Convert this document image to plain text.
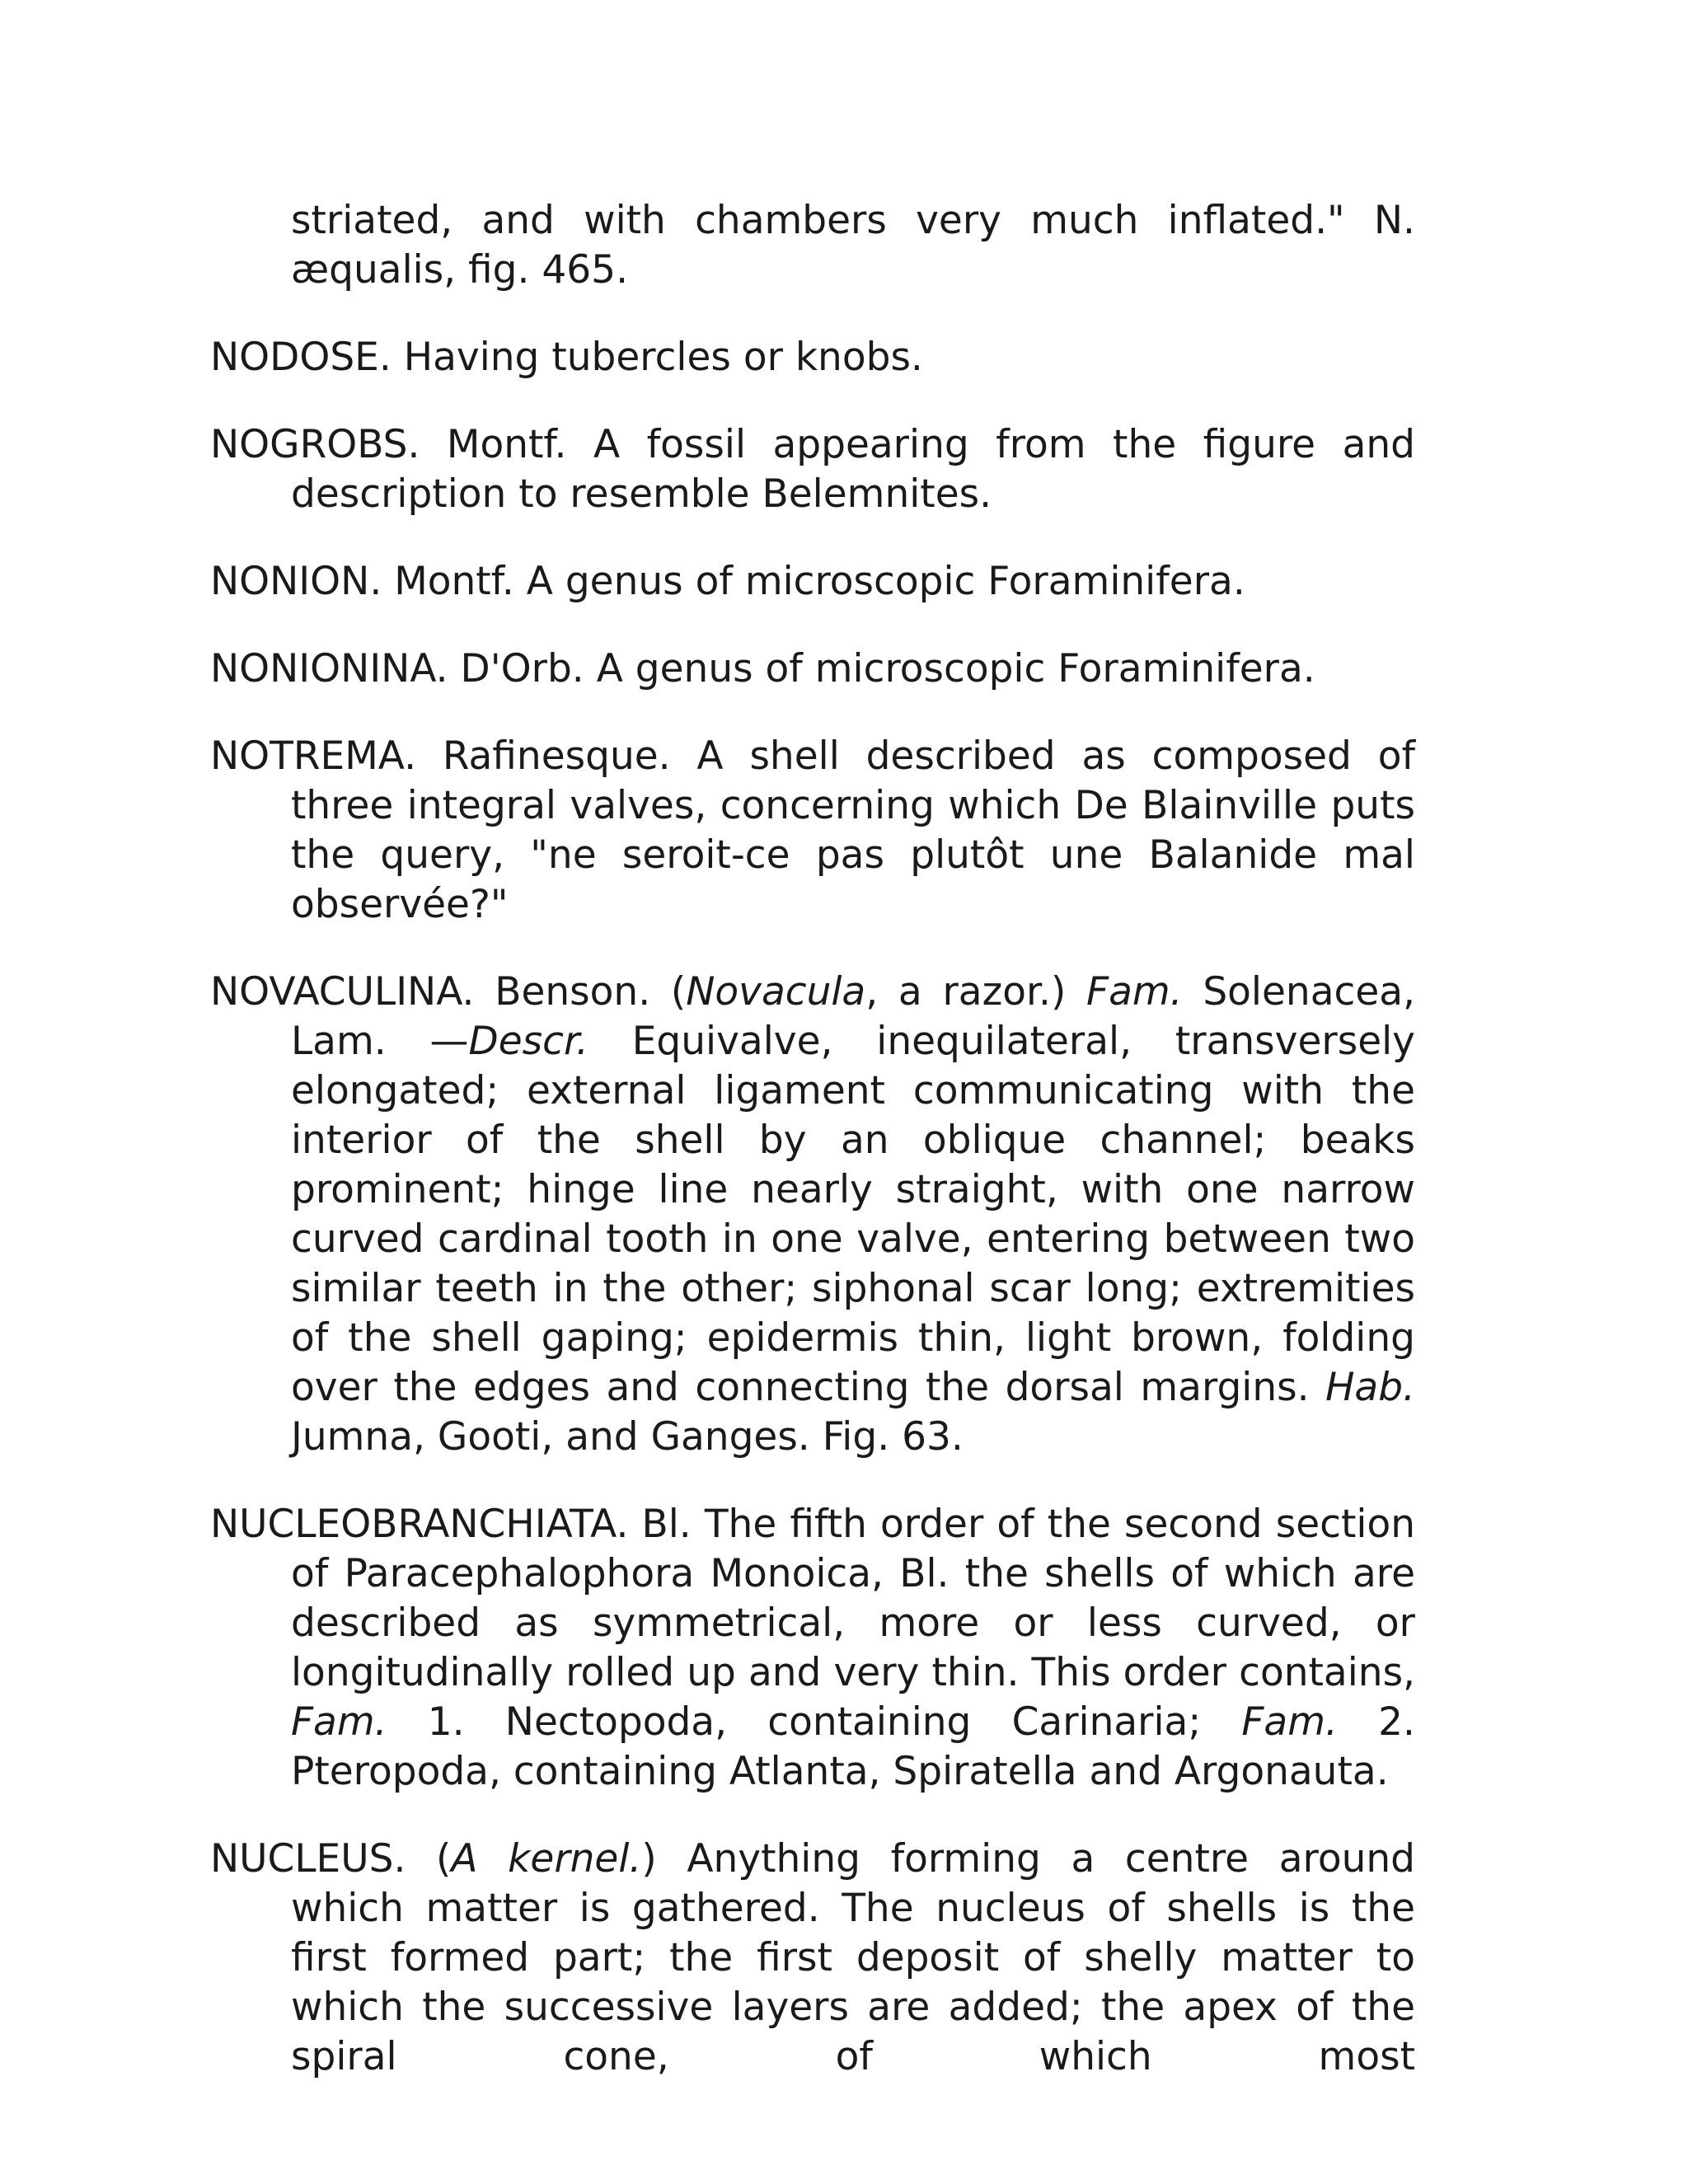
striated, and with chambers very much inflated." N. æqualis, fig. 465.

NODOSE. Having tubercles or knobs.

NOGROBS. Montf. A fossil appearing from the figure and description to resemble Belemnites.

NONION. Montf. A genus of microscopic Foraminifera.

NONIONINA. D'Orb. A genus of microscopic Foraminifera.

NOTREMA. Rafinesque. A shell described as composed of three integral valves, concerning which De Blainville puts the query, "ne seroit-ce pas plutôt une Balanide mal observée?"

NOVACULINA. Benson. (Novacula, a razor.) Fam. Solenacea, Lam. —Descr. Equivalve, inequilateral, transversely elongated; external ligament communicating with the interior of the shell by an oblique channel; beaks prominent; hinge line nearly straight, with one narrow curved cardinal tooth in one valve, entering between two similar teeth in the other; siphonal scar long; extremities of the shell gaping; epidermis thin, light brown, folding over the edges and connecting the dorsal margins. Hab. Jumna, Gooti, and Ganges. Fig. 63.

NUCLEOBRANCHIATA. Bl. The fifth order of the second section of Paracephalophora Monoica, Bl. the shells of which are described as symmetrical, more or less curved, or longitudinally rolled up and very thin. This order contains, Fam. 1. Nectopoda, containing Carinaria; Fam. 2. Pteropoda, containing Atlanta, Spiratella and Argonauta.

NUCLEUS. (A kernel.) Anything forming a centre around which matter is gathered. The nucleus of shells is the first formed part; the first deposit of shelly matter to which the successive layers are added; the apex of the spiral cone, of which most
